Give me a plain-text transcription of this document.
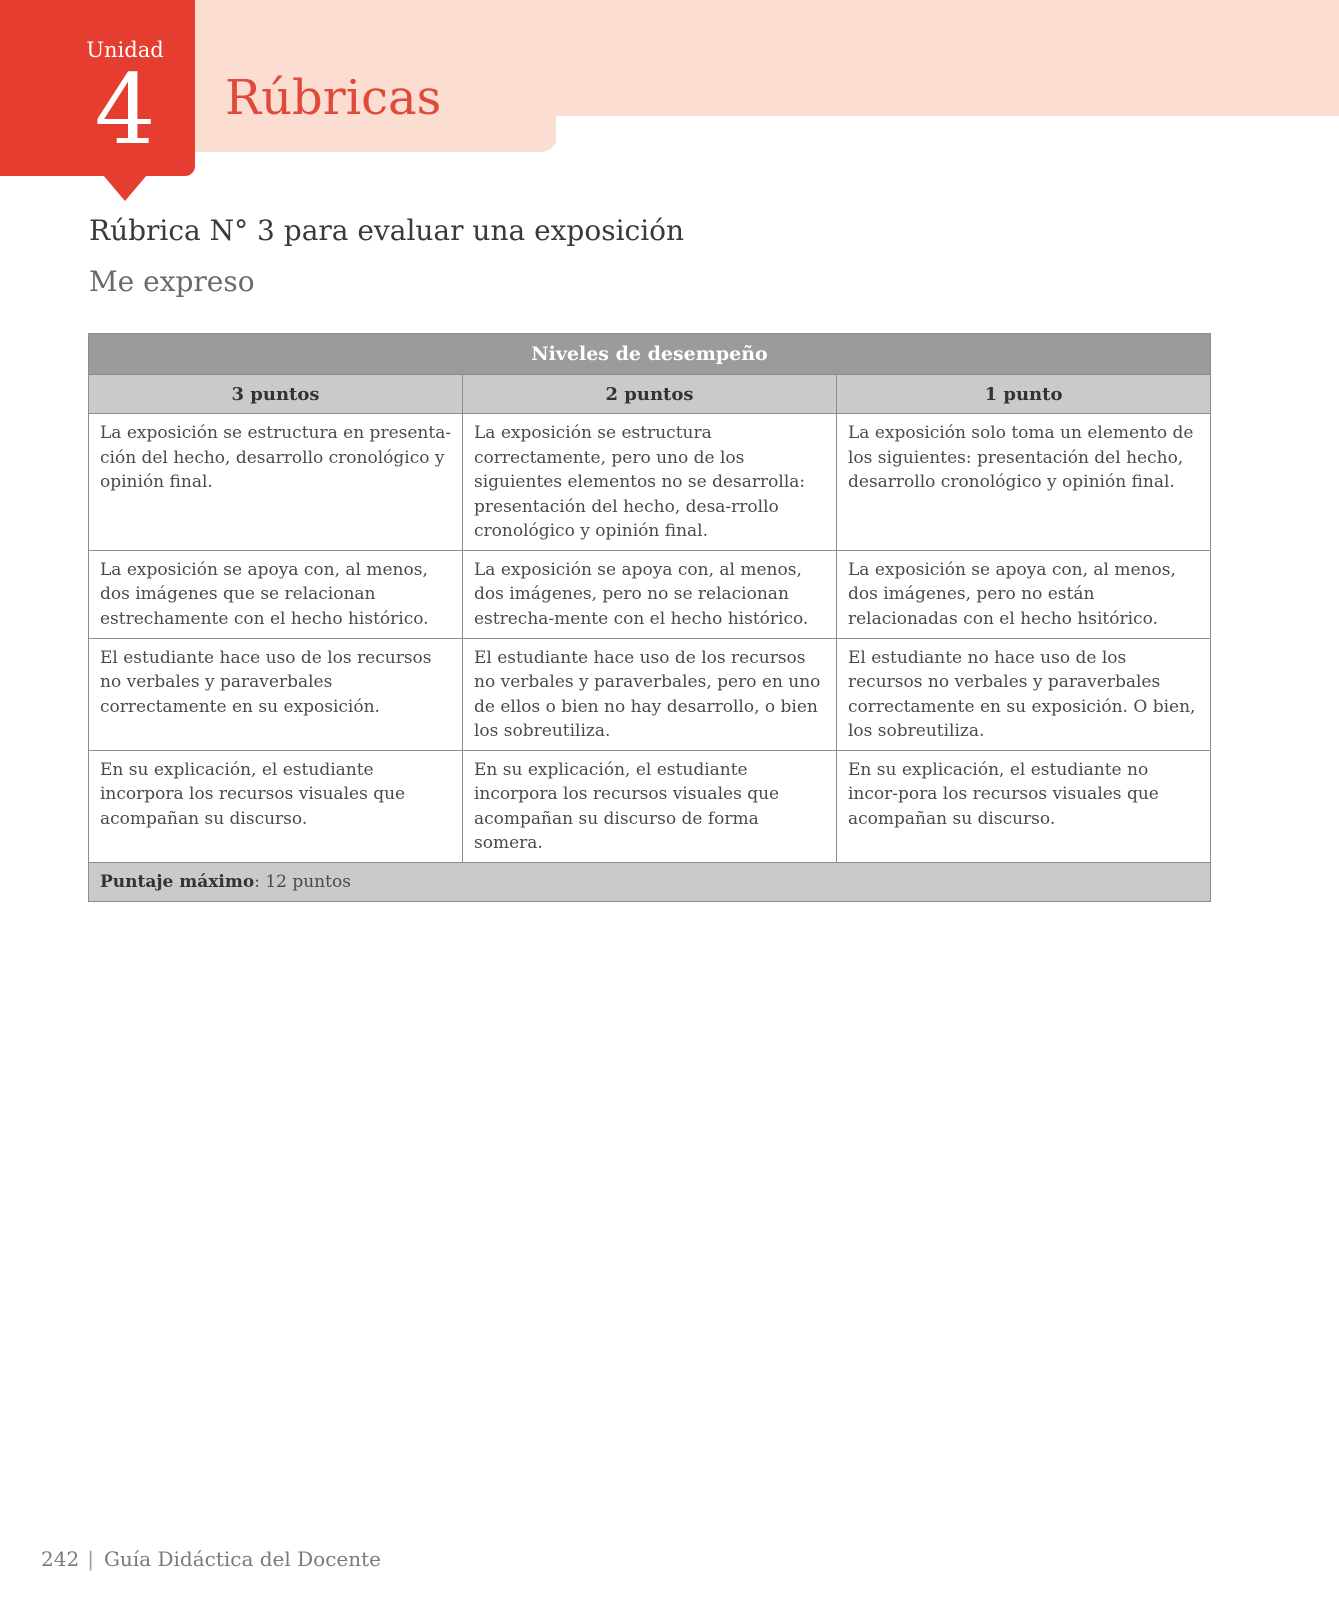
Unidad
4	Rúbricas
Rúbrica N° 3 para evaluar una exposición
Me expreso
Niveles de desempeño		
3 puntos	2 puntos	1 punto
La exposición se estructura en presenta-ción del hecho, desarrollo cronológico y opinión final.	La exposición se estructura correctamente, pero uno de los siguientes elementos no se desarrolla: presentación del hecho, desa-rrollo cronológico y opinión final.	La exposición solo toma un elemento de los siguientes: presentación del hecho, desarrollo cronológico y opinión final.
La exposición se apoya con, al menos, dos imágenes que se relacionan estrechamente con el hecho histórico.	La exposición se apoya con, al menos, dos imágenes, pero no se relacionan estrecha-mente con el hecho histórico.	La exposición se apoya con, al menos, dos imágenes, pero no están relacionadas con el hecho hsitórico.
El estudiante hace uso de los recursos no verbales y paraverbales correctamente en su exposición.	El estudiante hace uso de los recursos no verbales y paraverbales, pero en uno de ellos o bien no hay desarrollo, o bien los sobreutiliza.	El estudiante no hace uso de los recursos no verbales y paraverbales correctamente en su exposición. O bien, los sobreutiliza.
En su explicación, el estudiante incorpora los recursos visuales que acompañan su discurso.	En su explicación, el estudiante incorpora los recursos visuales que acompañan su discurso de forma somera.	En su explicación, el estudiante no incor-pora los recursos visuales que acompañan su discurso.
Puntaje máximo: 12 puntos		
242 | Guía Didáctica del Docente
